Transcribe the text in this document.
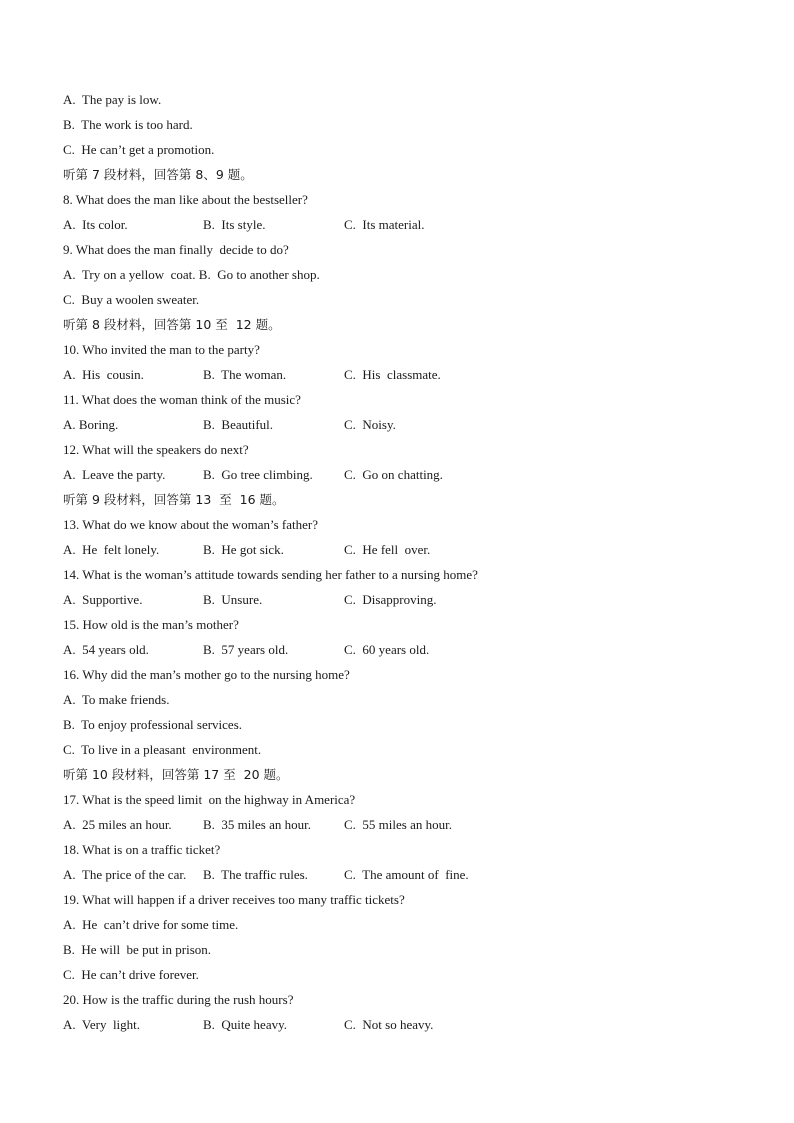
A.  The pay is low.
B.  The work is too hard.
C.  He can’t get a promotion.
听第 7 段材料，回答第 8、9 题。
8. What does the man like about the bestseller?
A.  Its color.	B.  Its style.	C.  Its material.
9. What does the man finally  decide to do?
A.  Try on a yellow  coat. B.  Go to another shop.
C.  Buy a woolen sweater.
听第 8 段材料，回答第 10 至  12 题。
10. Who invited the man to the party?
A.  His  cousin.	B.  The woman.	C.  His  classmate.
11. What does the woman think of the music?
A. Boring.	B.  Beautiful.	C.  Noisy.
12. What will the speakers do next?
A.  Leave the party.	B.  Go tree climbing. C.  Go on chatting.
听第 9 段材料，回答第 13  至  16 题。
13. What do we know about the woman’s father?
A.  He  felt lonely.	B.  He got sick.	C.  He fell  over.
14. What is the woman’s attitude towards sending her father to a nursing home?
A.  Supportive.	B.  Unsure.	C.  Disapproving.
15. How old is the man’s mother?
A.  54 years old.	B.  57 years old.	C.  60 years old.
16. Why did the man’s mother go to the nursing home?
A.  To make friends.
B.  To enjoy professional services.
C.  To live in a pleasant  environment.
听第 10 段材料，回答第 17 至  20 题。
17. What is the speed limit  on the highway in America?
A.  25 miles an hour. B.  35 miles an hour.	C.  55 miles an hour.
18. What is on a traffic ticket?
A.  The price of the car. B.  The traffic rules.	C.  The amount of  fine.
19. What will happen if a driver receives too many traffic tickets?
A.  He  can’t drive for some time.
B.  He will  be put in prison.
C.  He can’t drive forever.
20. How is the traffic during the rush hours?
A.  Very  light.	B.  Quite heavy.	C.  Not so heavy.
